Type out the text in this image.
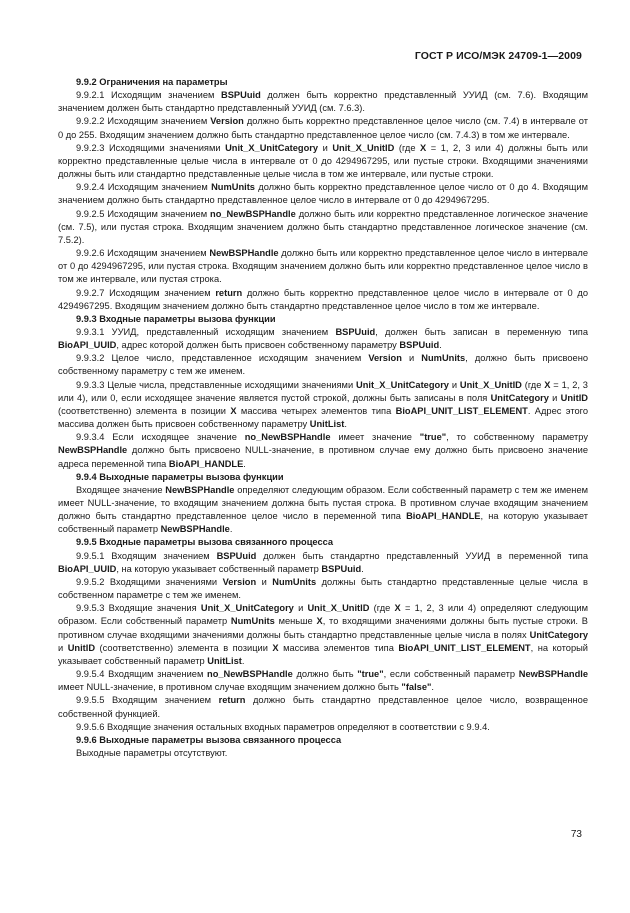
ГОСТ Р ИСО/МЭК 24709-1—2009

9.9.2 Ограничения на параметры

9.9.2.1 Исходящим значением BSPUuid должен быть корректно представленный УУИД (см. 7.6). Входящим значением должен быть стандартно представленный УУИД (см. 7.6.3).

9.9.2.2 Исходящим значением Version должно быть корректно представленное целое число (см. 7.4) в интервале от 0 до 255. Входящим значением должно быть стандартно представленное целое число (см. 7.4.3) в том же интервале.

9.9.2.3 Исходящими значениями Unit_X_UnitCategory и Unit_X_UnitID (где X = 1, 2, 3 или 4) должны быть или корректно представленные целые числа в интервале от 0 до 4294967295, или пустые строки. Входящими значениями должны быть или стандартно представленные целые числа в том же интервале, или пустые строки.

9.9.2.4 Исходящим значением NumUnits должно быть корректно представленное целое число от 0 до 4. Входящим значением должно быть стандартно представленное целое число в интервале от 0 до 4294967295.

9.9.2.5 Исходящим значением no_NewBSPHandle должно быть или корректно представленное логическое значение (см. 7.5), или пустая строка. Входящим значением должно быть стандартно представленное логическое значение (см. 7.5.2).

9.9.2.6 Исходящим значением NewBSPHandle должно быть или корректно представленное целое число в интервале от 0 до 4294967295, или пустая строка. Входящим значением должно быть или корректно представленное целое число в том же интервале, или пустая строка.

9.9.2.7 Исходящим значением return должно быть корректно представленное целое число в интервале от 0 до 4294967295. Входящим значением должно быть стандартно представленное целое число в том же интервале.

9.9.3 Входные параметры вызова функции

9.9.3.1 УУИД, представленный исходящим значением BSPUuid, должен быть записан в переменную типа BioAPI_UUID, адрес которой должен быть присвоен собственному параметру BSPUuid.

9.9.3.2 Целое число, представленное исходящим значением Version и NumUnits, должно быть присвоено собственному параметру с тем же именем.

9.9.3.3 Целые числа, представленные исходящими значениями Unit_X_UnitCategory и Unit_X_UnitID (где X = 1, 2, 3 или 4), или 0, если исходящее значение является пустой строкой, должны быть записаны в поля UnitCategory и UnitID (соответственно) элемента в позиции X массива четырех элементов типа BioAPI_UNIT_LIST_ELEMENT. Адрес этого массива должен быть присвоен собственному параметру UnitList.

9.9.3.4 Если исходящее значение no_NewBSPHandle имеет значение "true", то собственному параметру NewBSPHandle должно быть присвоено NULL-значение, в противном случае ему должно быть присвоено значение адреса переменной типа BioAPI_HANDLE.

9.9.4 Выходные параметры вызова функции

Входящее значение NewBSPHandle определяют следующим образом. Если собственный параметр с тем же именем имеет NULL-значение, то входящим значением должна быть пустая строка. В противном случае входящим значением должно быть стандартно представленное целое число в переменной типа BioAPI_HANDLE, на которую указывает собственный параметр NewBSPHandle.

9.9.5 Входные параметры вызова связанного процесса

9.9.5.1 Входящим значением BSPUuid должен быть стандартно представленный УУИД в переменной типа BioAPI_UUID, на которую указывает собственный параметр BSPUuid.

9.9.5.2 Входящими значениями Version и NumUnits должны быть стандартно представленные целые числа в собственном параметре с тем же именем.

9.9.5.3 Входящие значения Unit_X_UnitCategory и Unit_X_UnitID (где X = 1, 2, 3 или 4) определяют следующим образом. Если собственный параметр NumUnits меньше X, то входящими значениями должны быть пустые строки. В противном случае входящими значениями должны быть стандартно представленные целые числа в полях UnitCategory и UnitID (соответственно) элемента в позиции X массива элементов типа BioAPI_UNIT_LIST_ELEMENT, на который указывает собственный параметр UnitList.

9.9.5.4 Входящим значением no_NewBSPHandle должно быть "true", если собственный параметр NewBSPHandle имеет NULL-значение, в противном случае входящим значением должно быть "false".

9.9.5.5 Входящим значением return должно быть стандартно представленное целое число, возвращенное собственной функцией.

9.9.5.6 Входящие значения остальных входных параметров определяют в соответствии с 9.9.4.

9.9.6 Выходные параметры вызова связанного процесса

Выходные параметры отсутствуют.

73
